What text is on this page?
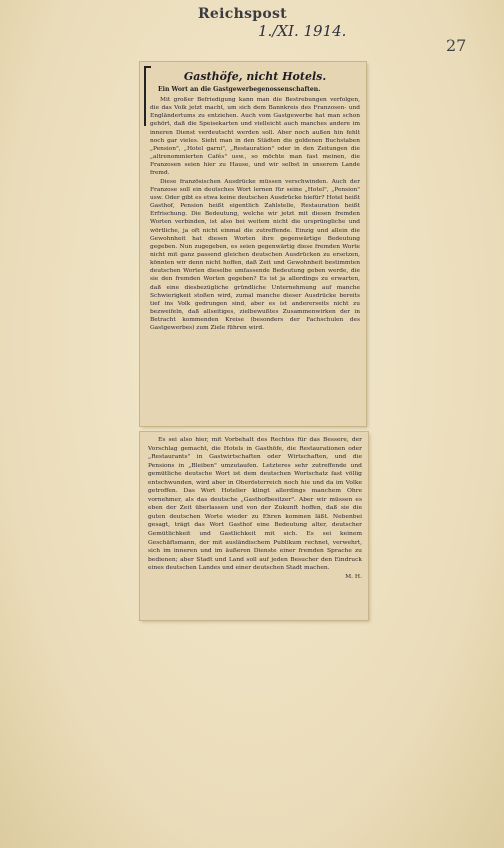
Reichspost
1./XI. 1914.
27
Gasthöfe, nicht Hotels.
Ein Wort an die Gastgewerbegenossenschaften.

Mit großer Befriedigung kann man die Bestrebungen verfolgen, die das Volk jetzt macht, um sich dem Bannkreis des Franzosen- und Engländertums zu entziehen. Auch vom Gastgewerbe hat man schon gehört, daß die Speisekarten und vielleicht auch manches andere im inneren Dienst verdeutscht werden soll. Aber noch außen hin fehlt noch gar vieles. Sieht man in den Städten die goldenen Buchstaben „Pension", „Hotel garni", „Restauration" oder in den Zeitungen die „altrenommierten Cafés" usw., so möchte man fast meinen, die Franzosen seien hier zu Hause, und wir selbst in unserem Lande fremd.

Diese französischen Ausdrücke müssen verschwinden. Auch der Franzose soll ein deutsches Wort lernen für seine „Hotel", „Pension" usw. Oder gibt es etwa keine deutschen Ausdrücke hiefür? Hotel heißt Gasthof, Pension heißt eigentlich Zahlstelle, Restauration heißt Erfrischung. Die Bedeutung, welche wir jetzt mit diesen fremden Worten verbinden, ist also bei weitem nicht die ursprüngliche und wörtliche, ja oft nicht einmal die zutreffende. Einzig und allein die Gewohnheit hat diesen Worten ihre gegenwärtige Bedeutung gegeben. Nun zugegeben, es seien gegenwärtig diese fremden Worte nicht mit ganz passend gleichen deutschen Ausdrücken zu ersetzen, könnten wir denn nicht hoffen, daß Zeit und Gewohnheit bestimmten deutschen Worten dieselbe umfassende Bedeutung geben werde, die sie den fremden Worten gegeben? Es ist ja allerdings zu erwarten, daß eine diesbezügliche gründliche Unternehmung auf manche Schwierigkeit stoßen wird, zumal manche dieser Ausdrücke bereits tief ins Volk gedrungen sind, aber es ist andererseits nicht zu bezweifeln, daß allseitiges, zielbewußtes Zusammenwirken der in Betracht kommenden Kreise (besonders der Fachschulen des Gastgewerbes) zum Ziele führen wird.

Es sei also hier, mit Vorbehalt des Rechtes für das Bessere, der Vorschlag gemacht, die Hotels in Gasthöfe, die Restaurationen oder „Restaurants" in Gastwirtschaften oder Wirtschaften, und die Pensions in „Bleiben" umzutaufen. Letzteres sehr zutreffende und gemütliche deutsche Wort ist dem deutschen Wortschatz fast völlig entschwunden, wird aber in Oberösterreich noch hie und da im Volke getroffen. Das Wort Hotelier klingt allerdings manchem Ohre vornehmer, als das deutsche „Gasthofbesitzer". Aber wir müssen es eben der Zeit überlassen und von der Zukunft hoffen, daß sie die guten deutschen Worte wieder zu Ehren kommen läßt. Nebenbei gesagt, trägt das Wort Gasthof eine Bedeutung alter, deutscher Gemütlichkeit und Gastlichkeit mit sich. Es sei keinem Geschäftsmann, der mit ausländischem Publikum rechnet, verwehrt, sich im inneren und im äußeren Dienste einer fremden Sprache zu bedienen; aber Stadt und Land soll auf jeden Besucher den Eindruck eines deutschen Landes und einer deutschen Stadt machen.

M. H.
